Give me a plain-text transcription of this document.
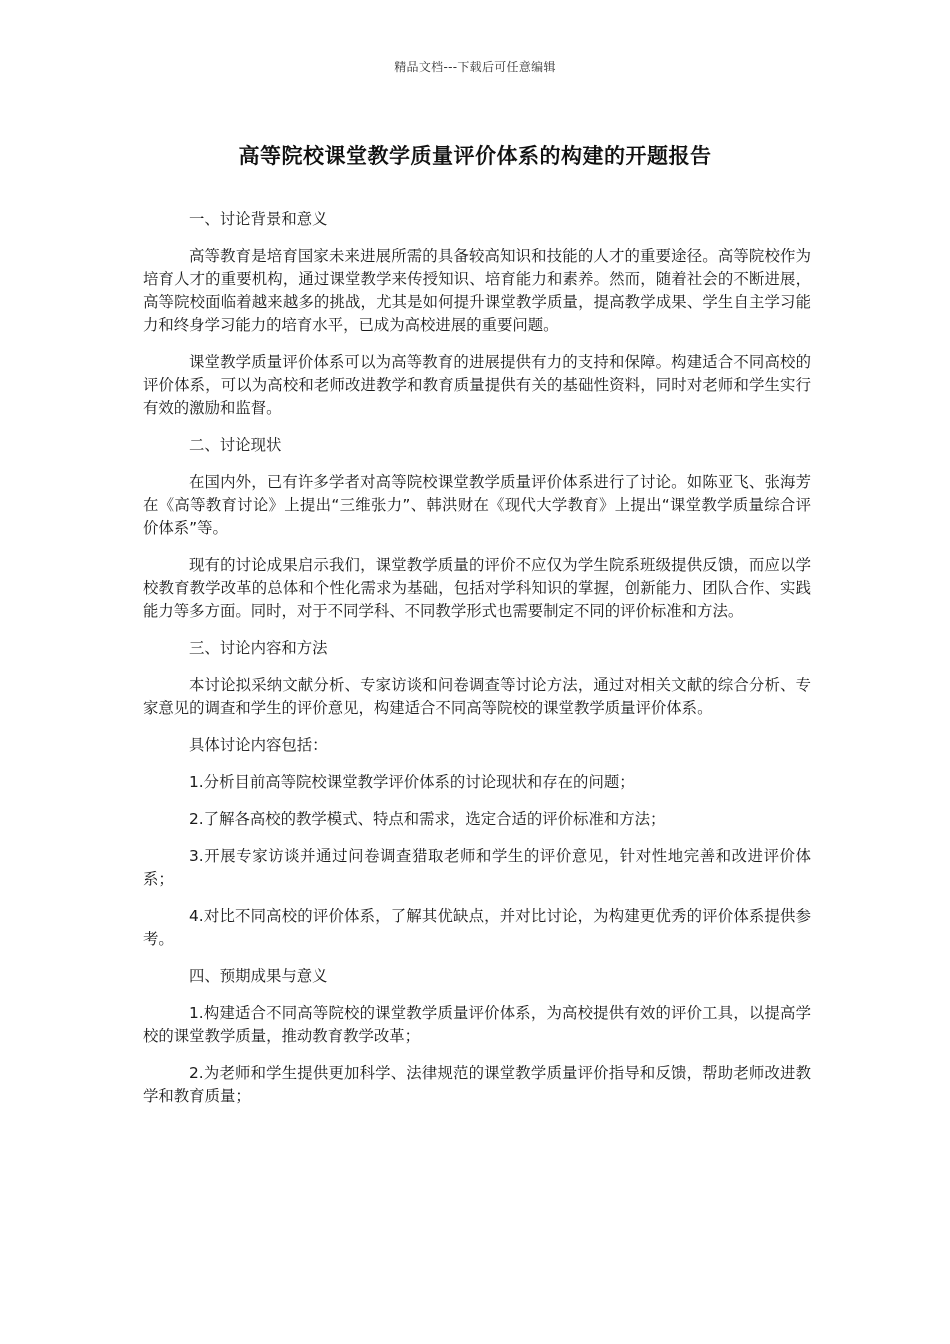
精品文档---下载后可任意编辑
高等院校课堂教学质量评价体系的构建的开题报告

一、讨论背景和意义

高等教育是培育国家未来进展所需的具备较高知识和技能的人才的重要途径。高等院校作为培育人才的重要机构，通过课堂教学来传授知识、培育能力和素养。然而，随着社会的不断进展，高等院校面临着越来越多的挑战，尤其是如何提升课堂教学质量，提高教学成果、学生自主学习能力和终身学习能力的培育水平，已成为高校进展的重要问题。

课堂教学质量评价体系可以为高等教育的进展提供有力的支持和保障。构建适合不同高校的评价体系，可以为高校和老师改进教学和教育质量提供有关的基础性资料，同时对老师和学生实行有效的激励和监督。

二、讨论现状

在国内外，已有许多学者对高等院校课堂教学质量评价体系进行了讨论。如陈亚飞、张海芳在《高等教育讨论》上提出“三维张力”、韩洪财在《现代大学教育》上提出“课堂教学质量综合评价体系”等。

现有的讨论成果启示我们，课堂教学质量的评价不应仅为学生院系班级提供反馈，而应以学校教育教学改革的总体和个性化需求为基础，包括对学科知识的掌握，创新能力、团队合作、实践能力等多方面。同时，对于不同学科、不同教学形式也需要制定不同的评价标准和方法。

三、讨论内容和方法

本讨论拟采纳文献分析、专家访谈和问卷调查等讨论方法，通过对相关文献的综合分析、专家意见的调查和学生的评价意见，构建适合不同高等院校的课堂教学质量评价体系。

具体讨论内容包括：

1.分析目前高等院校课堂教学评价体系的讨论现状和存在的问题；

2.了解各高校的教学模式、特点和需求，选定合适的评价标准和方法；

3.开展专家访谈并通过问卷调查猎取老师和学生的评价意见，针对性地完善和改进评价体系；

4.对比不同高校的评价体系，了解其优缺点，并对比讨论，为构建更优秀的评价体系提供参考。

四、预期成果与意义

1.构建适合不同高等院校的课堂教学质量评价体系，为高校提供有效的评价工具，以提高学校的课堂教学质量，推动教育教学改革；

2.为老师和学生提供更加科学、法律规范的课堂教学质量评价指导和反馈，帮助老师改进教学和教育质量；
